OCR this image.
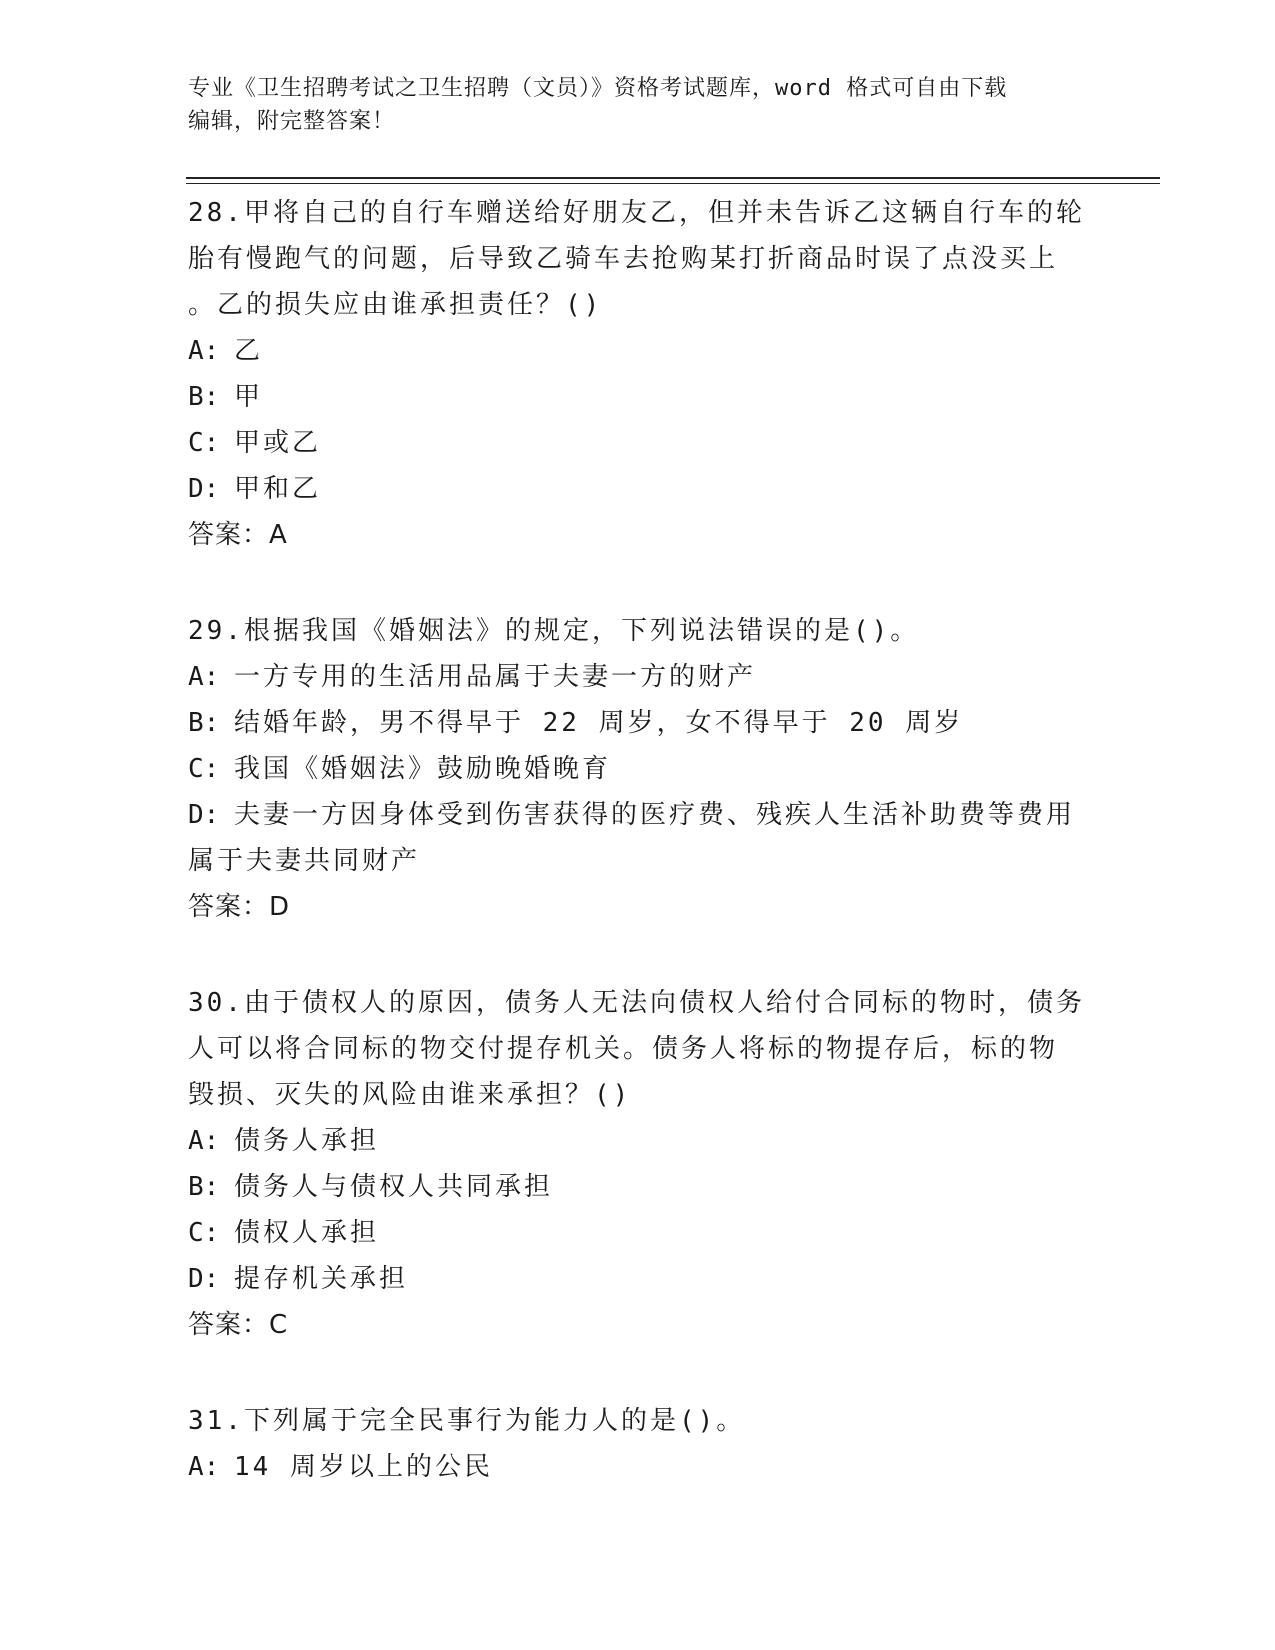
专业《卫生招聘考试之卫生招聘（文员）》资格考试题库，word 格式可自由下载
编辑，附完整答案！
28.甲将自己的自行车赠送给好朋友乙，但并未告诉乙这辆自行车的轮
胎有慢跑气的问题，后导致乙骑车去抢购某打折商品时误了点没买上
。乙的损失应由谁承担责任？()
A: 乙
B: 甲
C: 甲或乙
D: 甲和乙
答案：A
29.根据我国《婚姻法》的规定，下列说法错误的是()。
A: 一方专用的生活用品属于夫妻一方的财产
B: 结婚年龄，男不得早于 22 周岁，女不得早于 20 周岁
C: 我国《婚姻法》鼓励晚婚晚育
D: 夫妻一方因身体受到伤害获得的医疗费、残疾人生活补助费等费用
属于夫妻共同财产
答案：D
30.由于债权人的原因，债务人无法向债权人给付合同标的物时，债务
人可以将合同标的物交付提存机关。债务人将标的物提存后，标的物
毁损、灭失的风险由谁来承担？()
A: 债务人承担
B: 债务人与债权人共同承担
C: 债权人承担
D: 提存机关承担
答案：C
31.下列属于完全民事行为能力人的是()。
A: 14 周岁以上的公民
